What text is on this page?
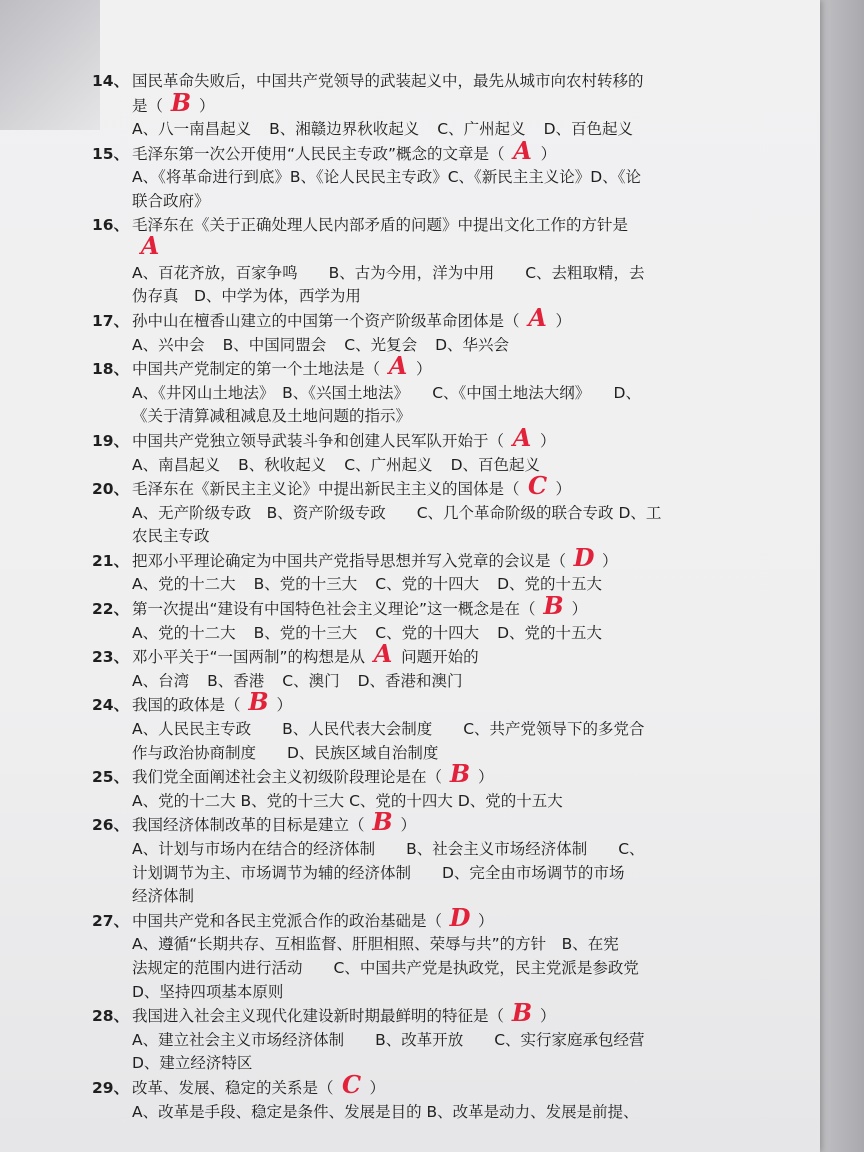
14、 国民革命失败后，中国共产党领导的武装起义中，最先从城市向农村转移的
是（ B ）
A、八一南昌起义 B、湘赣边界秋收起义 C、广州起义 D、百色起义
15、 毛泽东第一次公开使用“人民民主专政”概念的文章是（ A ）
A、《将革命进行到底》B、《论人民民主专政》C、《新民主主义论》D、《论
联合政府》
16、 毛泽东在《关于正确处理人民内部矛盾的问题》中提出文化工作的方针是
A
A、百花齐放，百家争鸣　　B、古为今用，洋为中用　　C、去粗取精，去
伪存真　D、中学为体，西学为用
17、 孙中山在檀香山建立的中国第一个资产阶级革命团体是（ A ）
A、兴中会 B、中国同盟会 C、光复会 D、华兴会
18、 中国共产党制定的第一个土地法是（ A ）
A、《井冈山土地法》　B、《兴国土地法》　　C、《中国土地法大纲》　　D、
《关于清算减租减息及土地问题的指示》
19、 中国共产党独立领导武装斗争和创建人民军队开始于（ A ）
A、南昌起义 B、秋收起义 C、广州起义 D、百色起义
20、 毛泽东在《新民主主义论》中提出新民主主义的国体是（ C ）
A、无产阶级专政　B、资产阶级专政　　C、几个革命阶级的联合专政 D、工
农民主专政
21、 把邓小平理论确定为中国共产党指导思想并写入党章的会议是（ D ）
A、党的十二大 B、党的十三大 C、党的十四大 D、党的十五大
22、 第一次提出“建设有中国特色社会主义理论”这一概念是在（ B ）
A、党的十二大 B、党的十三大 C、党的十四大 D、党的十五大
23、 邓小平关于“一国两制”的构想是从 A 问题开始的
A、台湾 B、香港 C、澳门 D、香港和澳门
24、 我国的政体是（ B ）
A、人民民主专政　　B、人民代表大会制度　　C、共产党领导下的多党合
作与政治协商制度　　D、民族区域自治制度
25、 我们党全面阐述社会主义初级阶段理论是在（ B ）
A、党的十二大 B、党的十三大 C、党的十四大 D、党的十五大
26、 我国经济体制改革的目标是建立（ B ）
A、计划与市场内在结合的经济体制　　B、社会主义市场经济体制　　C、
计划调节为主、市场调节为辅的经济体制　　D、完全由市场调节的市场
经济体制
27、 中国共产党和各民主党派合作的政治基础是（ D ）
A、遵循“长期共存、互相监督、肝胆相照、荣辱与共”的方针　B、在宪
法规定的范围内进行活动　　C、中国共产党是执政党，民主党派是参政党
D、坚持四项基本原则
28、 我国进入社会主义现代化建设新时期最鲜明的特征是（ B ）
A、建立社会主义市场经济体制　　B、改革开放　　C、实行家庭承包经营
D、建立经济特区
29、 改革、发展、稳定的关系是（ C ）
A、改革是手段、稳定是条件、发展是目的 B、改革是动力、发展是前提、
